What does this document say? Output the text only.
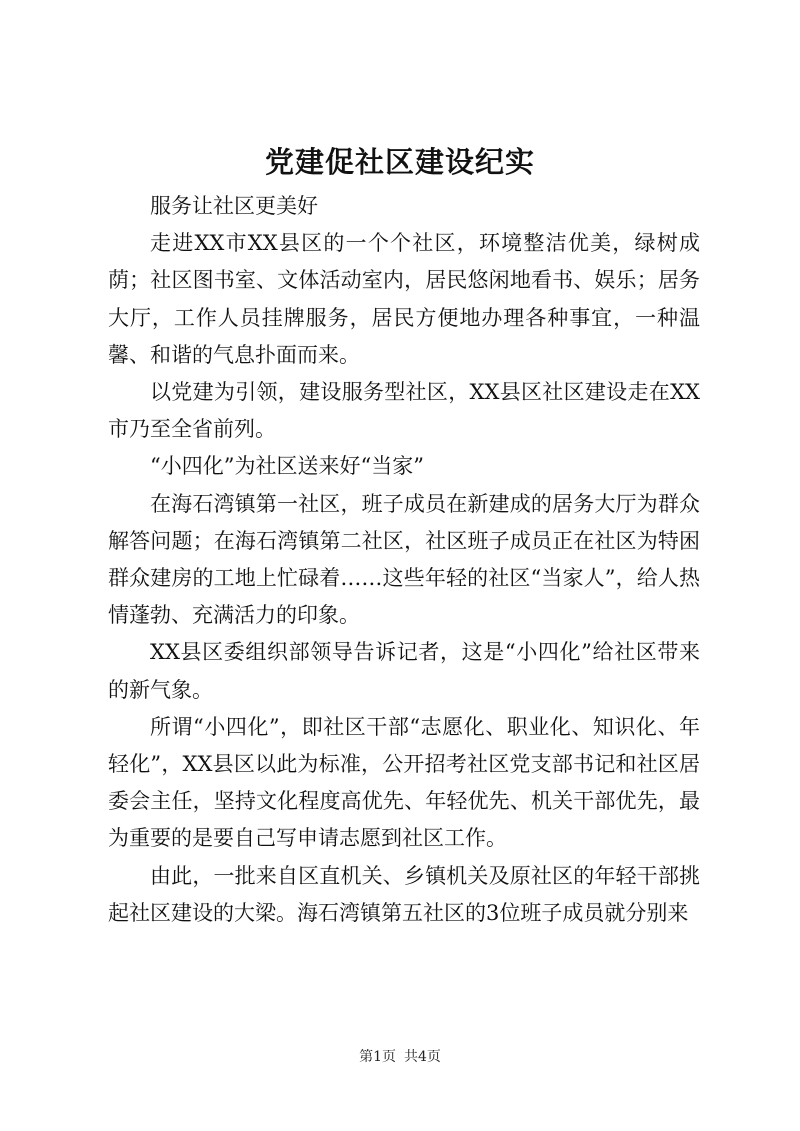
党建促社区建设纪实

服务让社区更美好

走进XX市XX县区的一个个社区，环境整洁优美，绿树成荫；社区图书室、文体活动室内，居民悠闲地看书、娱乐；居务大厅，工作人员挂牌服务，居民方便地办理各种事宜，一种温馨、和谐的气息扑面而来。

以党建为引领，建设服务型社区，XX县区社区建设走在XX市乃至全省前列。

“小四化”为社区送来好“当家”

在海石湾镇第一社区，班子成员在新建成的居务大厅为群众解答问题；在海石湾镇第二社区，社区班子成员正在社区为特困群众建房的工地上忙碌着……这些年轻的社区“当家人”，给人热情蓬勃、充满活力的印象。

XX县区委组织部领导告诉记者，这是“小四化”给社区带来的新气象。

所谓“小四化”，即社区干部“志愿化、职业化、知识化、年轻化”，XX县区以此为标准，公开招考社区党支部书记和社区居委会主任，坚持文化程度高优先、年轻优先、机关干部优先，最为重要的是要自己写申请志愿到社区工作。

由此，一批来自区直机关、乡镇机关及原社区的年轻干部挑起社区建设的大梁。海石湾镇第五社区的3位班子成员就分别来

第1页 共4页
